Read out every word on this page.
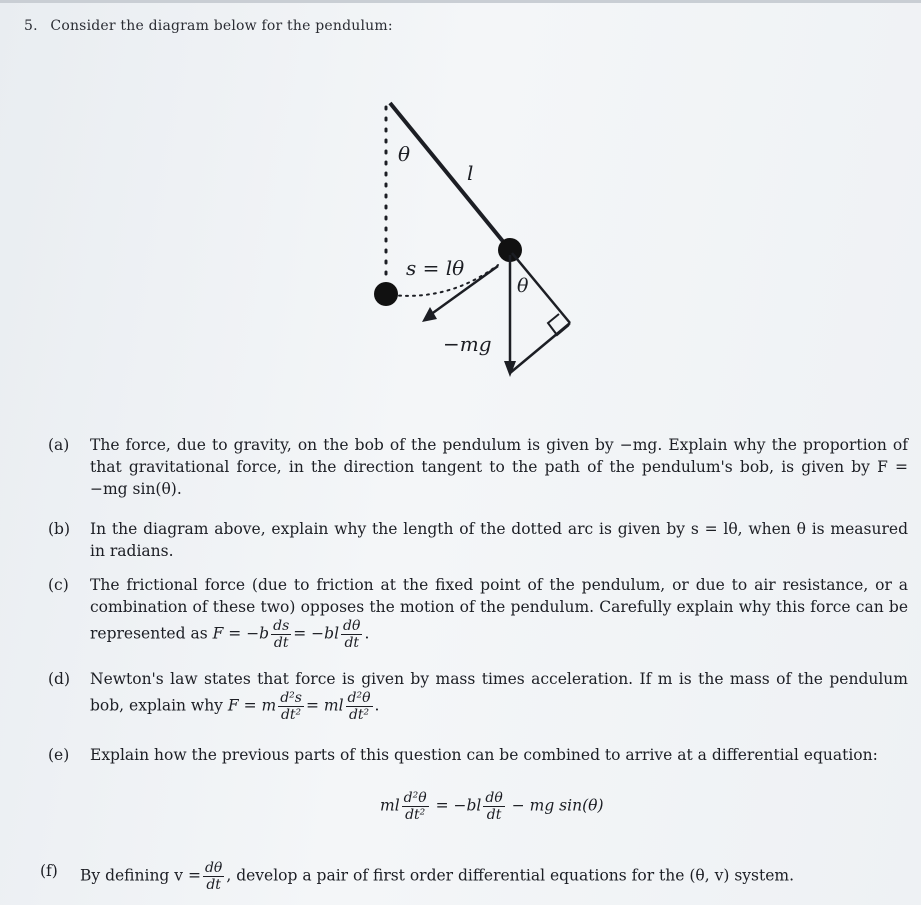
5. Consider the diagram below for the pendulum:
θ
l
s = lθ
θ
−mg
(a) The force, due to gravity, on the bob of the pendulum is given by −mg. Explain why the proportion of that gravitational force, in the direction tangent to the path of the pendulum's bob, is given by F = −mg sin(θ).
(b) In the diagram above, explain why the length of the dotted arc is given by s = lθ, when θ is measured in radians.
(c) The frictional force (due to friction at the fixed point of the pendulum, or due to air resistance, or a combination of these two) opposes the motion of the pendulum. Carefully explain why this force can be represented as $F = -b \frac{ds}{dt} = -bl \frac{d\theta}{dt}$ .
(d) Newton's law states that force is given by mass times acceleration. If m is the mass of the pendulum bob, explain why F = m $\frac{\text{d²s}}{\text{dt²}}$ = ml $\frac{\text{d²θ}}{\text{dt²}}$ .
(e) Explain how the previous parts of this question can be combined to arrive at a differential equation:
ml $\frac{\text{d²θ}}{\text{dt²}} = -bl \frac{d\theta}{dt}$ − mg sin(θ)
(f) By defining $v = \frac{d\theta}{dt}$ , develop a pair of first order differential equations for the (θ, v) system.
